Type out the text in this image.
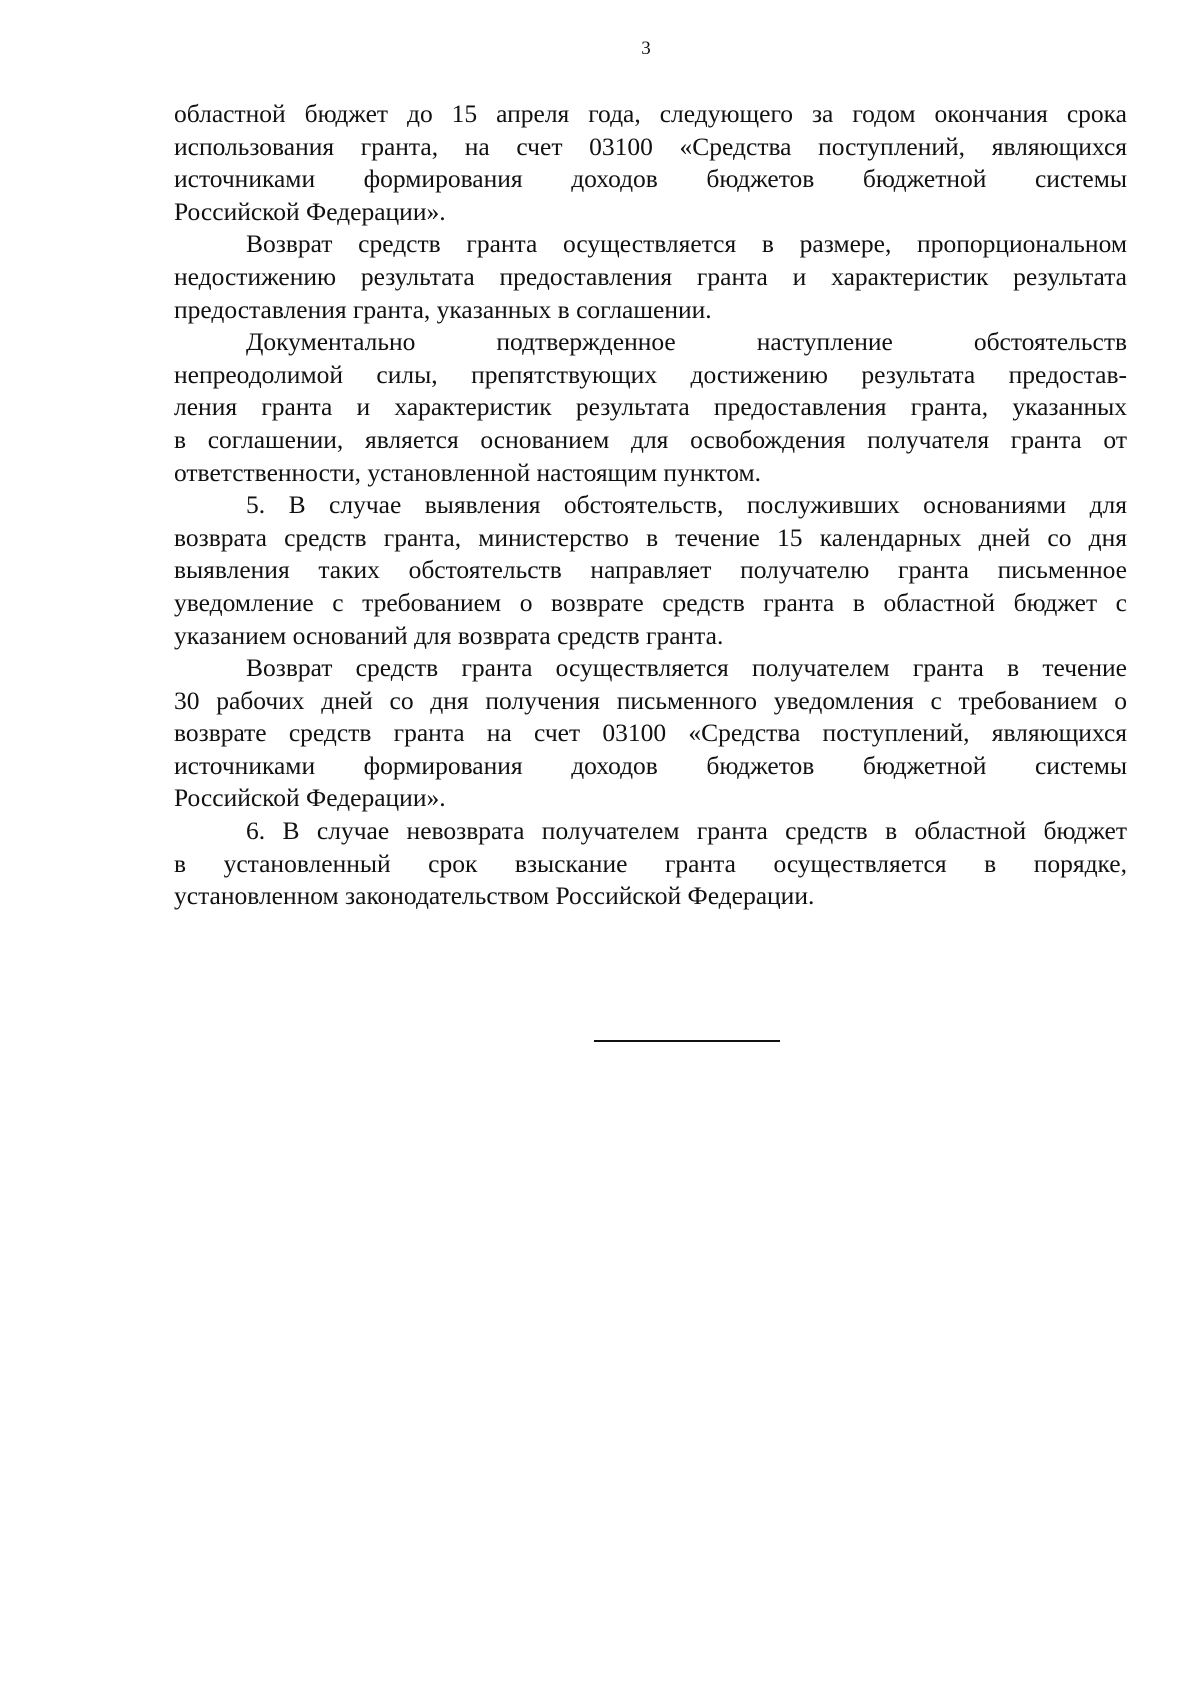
3

областной бюджет до 15 апреля года, следующего за годом окончания срока
использования гранта, на счет 03100 «Средства поступлений, являющихся
источниками формирования доходов бюджетов бюджетной системы
Российской Федерации».

Возврат средств гранта осуществляется в размере, пропорциональном
недостижению результата предоставления гранта и характеристик результата
предоставления гранта, указанных в соглашении.

Документально подтвержденное наступление обстоятельств
непреодолимой силы, препятствующих достижению результата предостав-
ления гранта и характеристик результата предоставления гранта, указанных
в соглашении, является основанием для освобождения получателя гранта от
ответственности, установленной настоящим пунктом.

5. В случае выявления обстоятельств, послуживших основаниями для
возврата средств гранта, министерство в течение 15 календарных дней со дня
выявления таких обстоятельств направляет получателю гранта письменное
уведомление с требованием о возврате средств гранта в областной бюджет с
указанием оснований для возврата средств гранта.

Возврат средств гранта осуществляется получателем гранта в течение
30 рабочих дней со дня получения письменного уведомления с требованием о
возврате средств гранта на счет 03100 «Средства поступлений, являющихся
источниками формирования доходов бюджетов бюджетной системы
Российской Федерации».

6. В случае невозврата получателем гранта средств в областной бюджет
в установленный срок взыскание гранта осуществляется в порядке,
установленном законодательством Российской Федерации.
